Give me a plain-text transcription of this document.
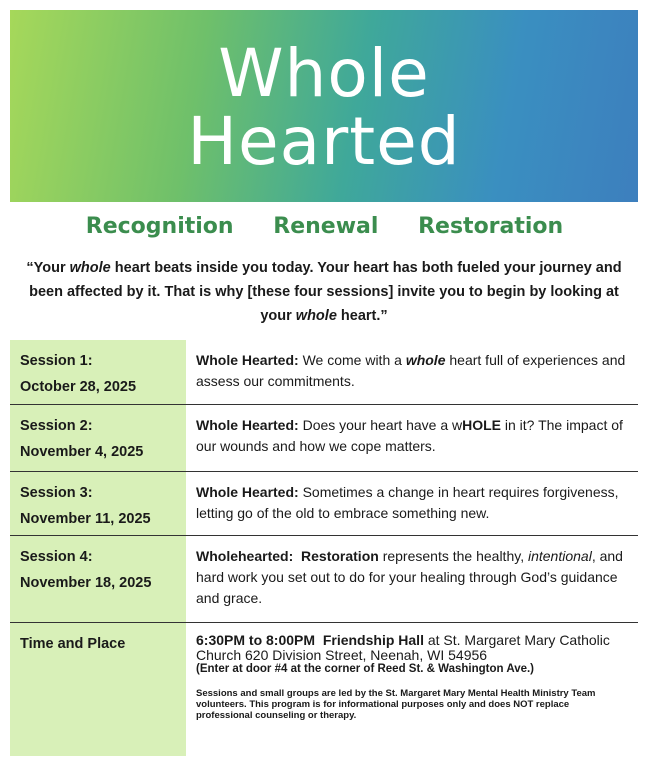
Whole
Hearted
Recognition Renewal Restoration
“Your whole heart beats inside you today. Your heart has both fueled your journey and been affected by it. That is why [these four sessions] invite you to begin by looking at your whole heart.”
Session 1:
October 28, 2025
Whole Hearted: We come with a whole heart full of experiences and assess our commitments.
Session 2:
November 4, 2025
Whole Hearted: Does your heart have a wHOLE in it? The impact of our wounds and how we cope matters.
Session 3:
November 11, 2025
Whole Hearted: Sometimes a change in heart requires forgiveness, letting go of the old to embrace something new.
Session 4:
November 18, 2025
Wholehearted: Restoration represents the healthy, intentional, and hard work you set out to do for your healing through God’s guidance and grace.
Time and Place	6:30PM to 8:00PM Friendship Hall at St. Margaret Mary Catholic Church 620 Division Street, Neenah, WI 54956
(Enter at door #4 at the corner of Reed St. & Washington Ave.)
Sessions and small groups are led by the St. Margaret Mary Mental Health Ministry Team volunteers. This program is for informational purposes only and does NOT replace professional counseling or therapy.
